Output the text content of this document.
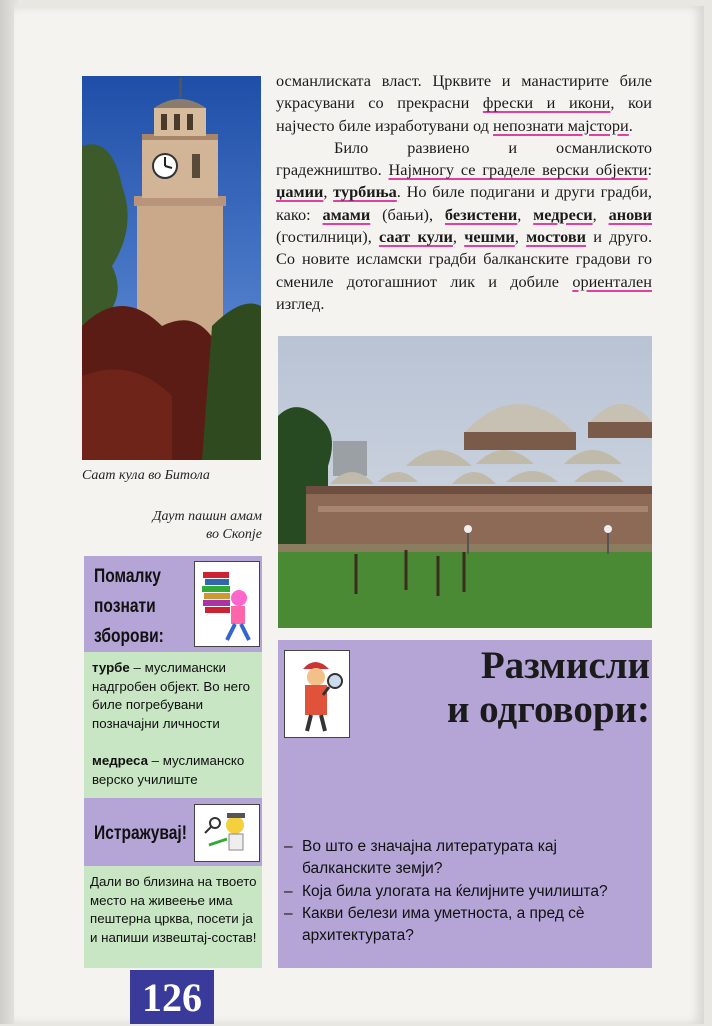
Саат кула во Битола
Даут пашин амам
во Скопје

османлиската власт. Црквите и манастирите биле украсувани со прекрасни фрески и икони, кои најчесто биле изработувани од непознати мајстори.

Било развиено и османлиското градежништво. Најмногу се граделе верски објекти: џамии, турбиња. Но биле подигани и други градби, како: амами (бањи), безистени, медреси, анови (гостилници), саат кули, чешми, мостови и друго. Со новите исламски градби балканските градови го смениле дотогашниот лик и добиле ориентален изглед.

Помалку
познати
зборови:
турбе – муслимански надгробен објект. Во него биле погребувани позначајни личности
медреса – муслиманско верско училиште
Истражувај!
Дали во близина на твоето место на живеење има пештерна црква, посети ја и напиши извештај-состав!
Размисли
и одговори:
– Во што е значајна литературата кај балканските земји?
– Која била улогата на ќелијните училишта?
– Какви белези има уметноста, а пред сè архитектурата?
126
